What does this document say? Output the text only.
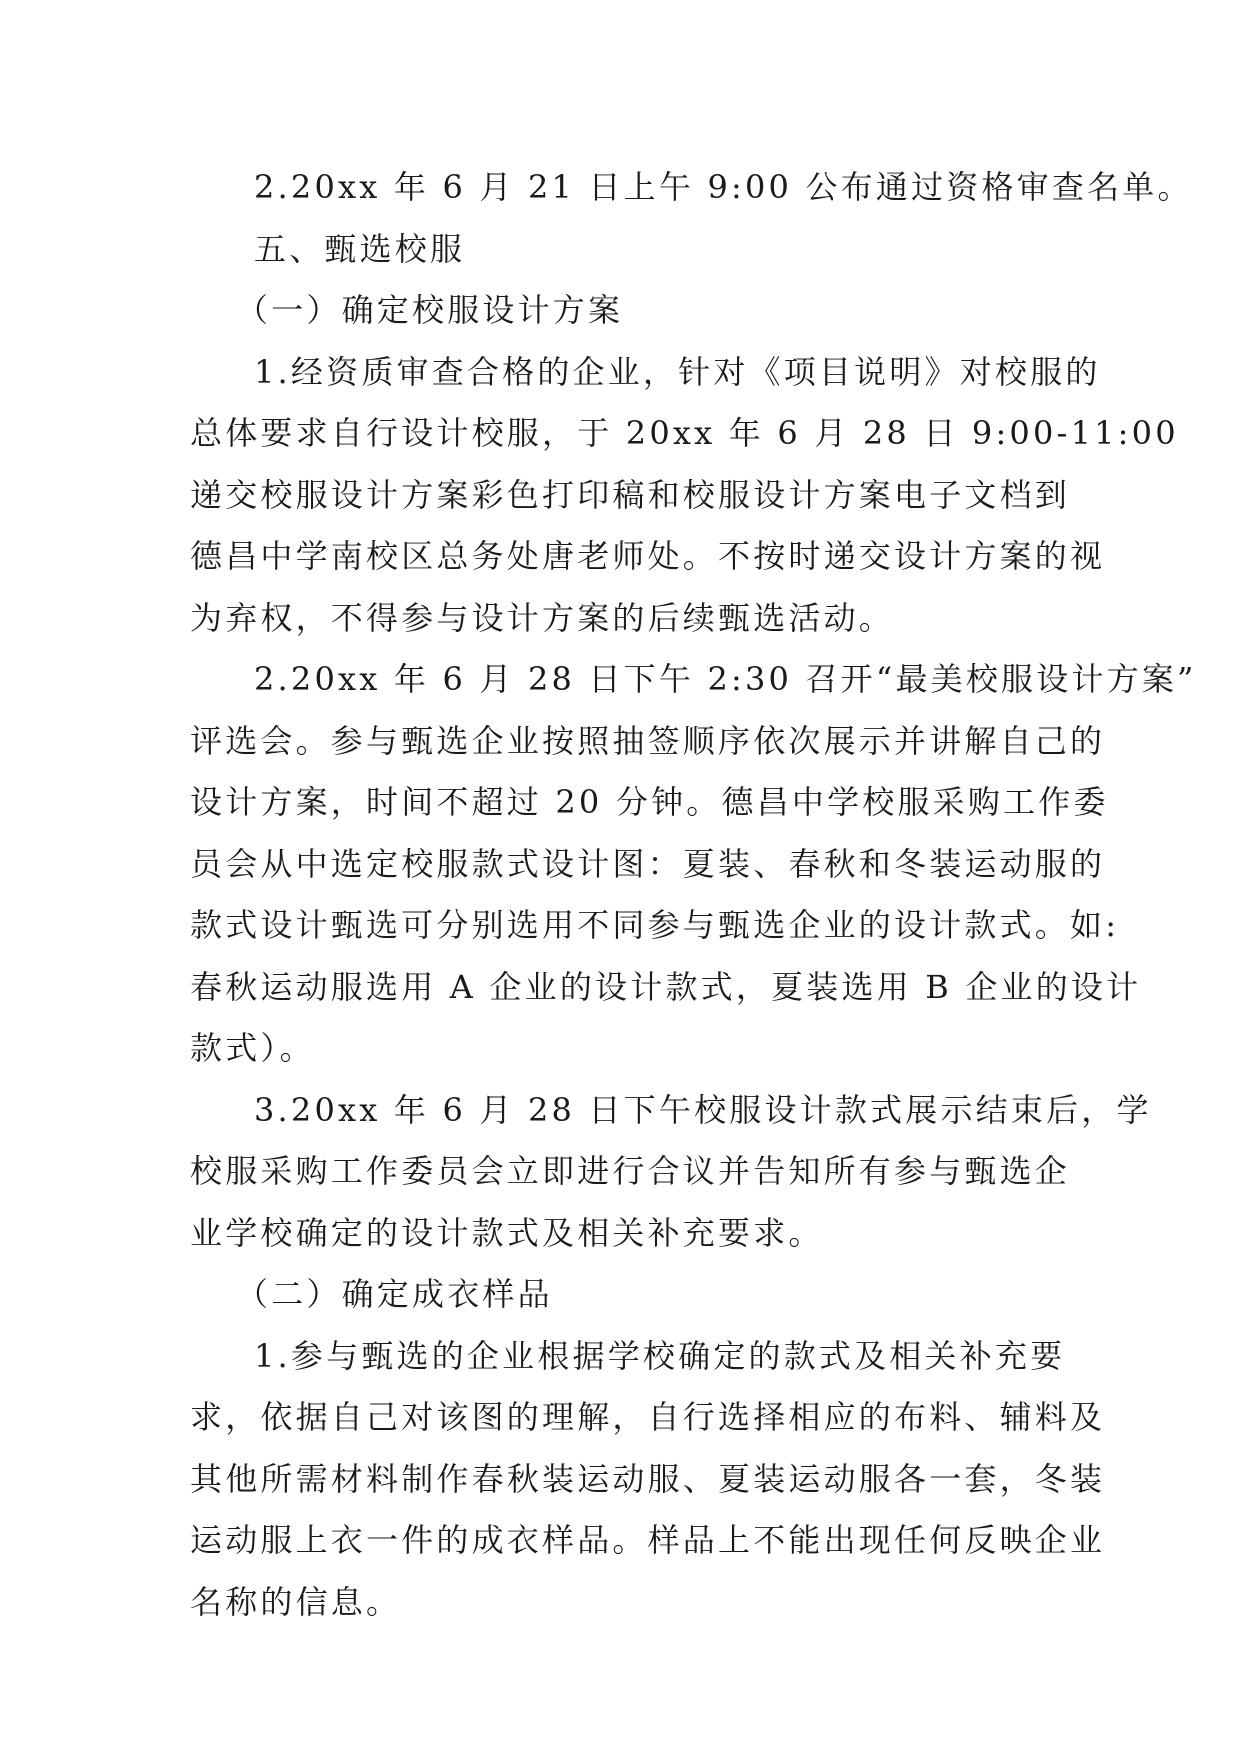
2.20xx 年 6 月 21 日上午 9:00 公布通过资格审查名单。
五、甄选校服
（一）确定校服设计方案
1.经资质审查合格的企业，针对《项目说明》对校服的
总体要求自行设计校服，于 20xx 年 6 月 28 日 9:00-11:00
递交校服设计方案彩色打印稿和校服设计方案电子文档到
德昌中学南校区总务处唐老师处。不按时递交设计方案的视
为弃权，不得参与设计方案的后续甄选活动。
2.20xx 年 6 月 28 日下午 2:30 召开“最美校服设计方案”
评选会。参与甄选企业按照抽签顺序依次展示并讲解自己的
设计方案，时间不超过 20 分钟。德昌中学校服采购工作委
员会从中选定校服款式设计图：夏装、春秋和冬装运动服的
款式设计甄选可分别选用不同参与甄选企业的设计款式。如:
春秋运动服选用 A 企业的设计款式，夏装选用 B 企业的设计
款式）。
3.20xx 年 6 月 28 日下午校服设计款式展示结束后，学
校服采购工作委员会立即进行合议并告知所有参与甄选企
业学校确定的设计款式及相关补充要求。
（二）确定成衣样品
1.参与甄选的企业根据学校确定的款式及相关补充要
求，依据自己对该图的理解，自行选择相应的布料、辅料及
其他所需材料制作春秋装运动服、夏装运动服各一套，冬装
运动服上衣一件的成衣样品。样品上不能出现任何反映企业
名称的信息。
